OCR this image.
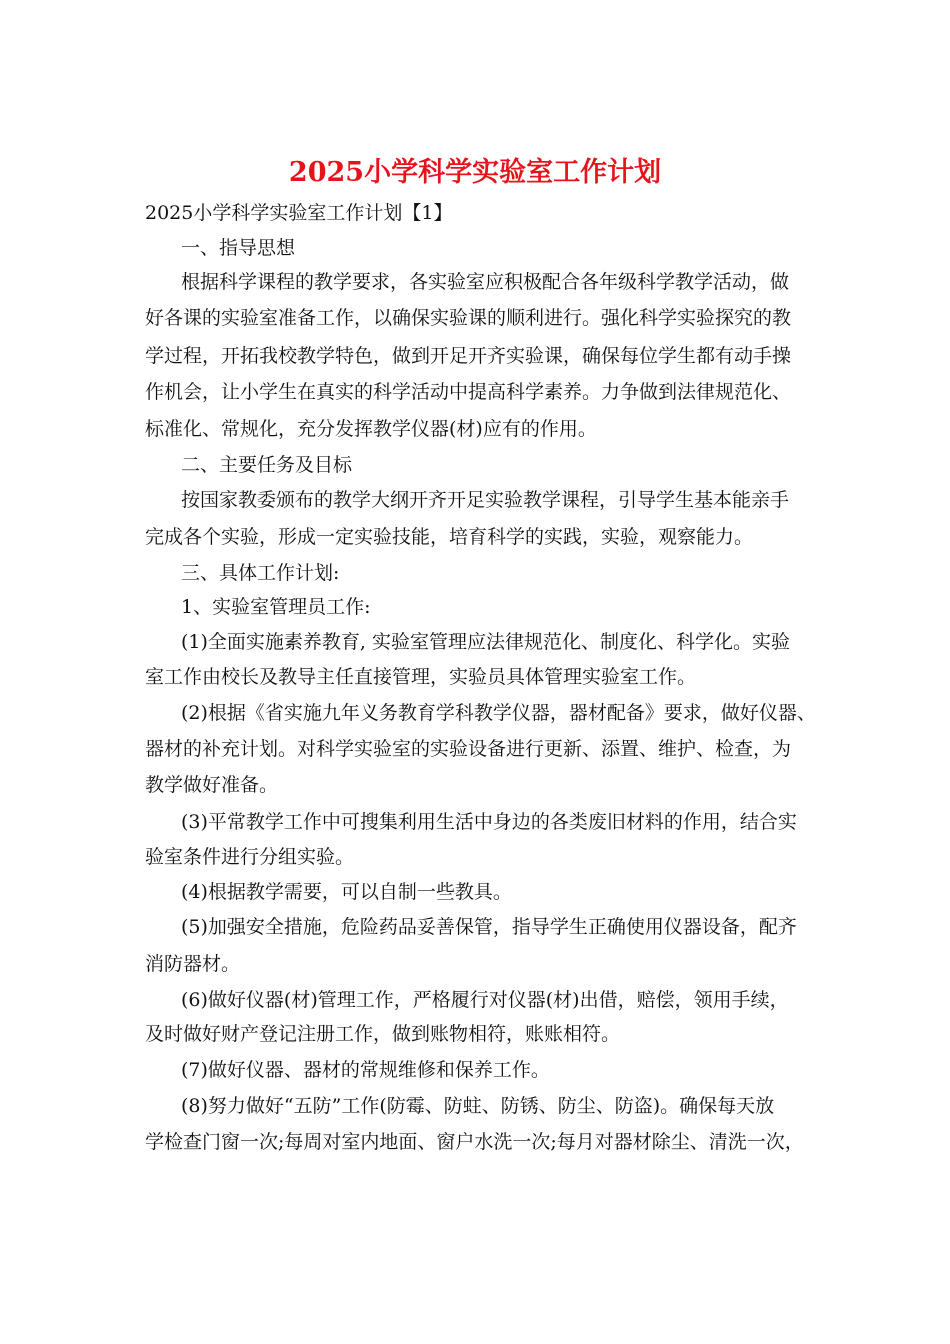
2025小学科学实验室工作计划
2025小学科学实验室工作计划【1】
一、指导思想
根据科学课程的教学要求，各实验室应积极配合各年级科学教学活动，做
好各课的实验室准备工作，以确保实验课的顺利进行。强化科学实验探究的教
学过程，开拓我校教学特色，做到开足开齐实验课，确保每位学生都有动手操
作机会，让小学生在真实的科学活动中提高科学素养。力争做到法律规范化、
标准化、常规化，充分发挥教学仪器(材)应有的作用。
二、主要任务及目标
按国家教委颁布的教学大纲开齐开足实验教学课程，引导学生基本能亲手
完成各个实验，形成一定实验技能，培育科学的实践，实验，观察能力。
三、具体工作计划:
1、实验室管理员工作:
(1)全面实施素养教育, 实验室管理应法律规范化、制度化、科学化。实验
室工作由校长及教导主任直接管理，实验员具体管理实验室工作。
(2)根据《省实施九年义务教育学科教学仪器，器材配备》要求，做好仪器、
器材的补充计划。对科学实验室的实验设备进行更新、添置、维护、检查，为
教学做好准备。
(3)平常教学工作中可搜集利用生活中身边的各类废旧材料的作用，结合实
验室条件进行分组实验。
(4)根据教学需要，可以自制一些教具。
(5)加强安全措施，危险药品妥善保管，指导学生正确使用仪器设备，配齐
消防器材。
(6)做好仪器(材)管理工作，严格履行对仪器(材)出借，赔偿，领用手续，
及时做好财产登记注册工作，做到账物相符，账账相符。
(7)做好仪器、器材的常规维修和保养工作。
(8)努力做好“五防”工作(防霉、防蛀、防锈、防尘、防盗)。确保每天放
学检查门窗一次;每周对室内地面、窗户水洗一次;每月对器材除尘、清洗一次，
